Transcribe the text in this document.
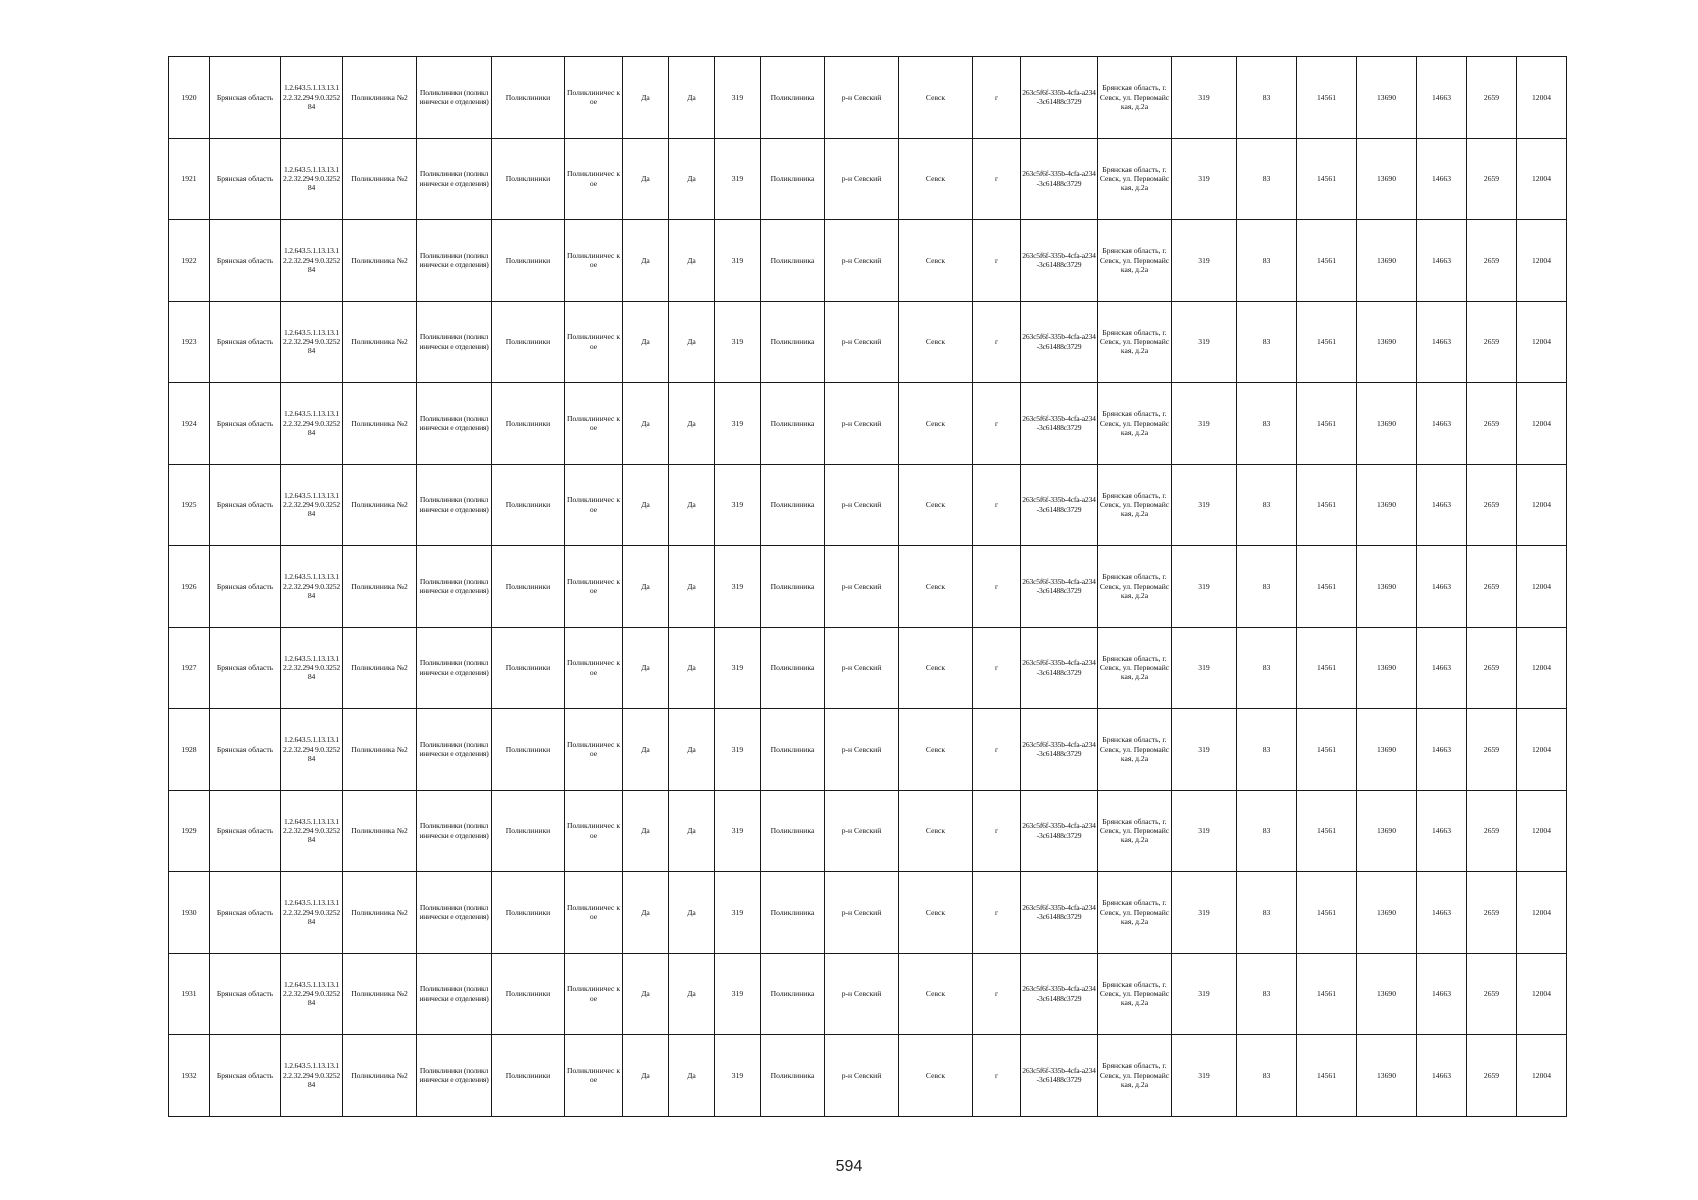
1920	Брянская область	1.2.643.5.1.13.13.12.2.32.294 9.0.325284	Поликлиника №2	Поликлиники (поликлинически е отделения)	Поликлиники	Поликлиничес кое	Да	Да	319	Поликлиника	р-н Севский	Севск	г	263c5f6f-335b-4cfa-a234-3c61488c3729	Брянская область, г. Севск, ул. Первомайская, д.2а	319	83	14561	13690	14663	2659	12004
1921	Брянская область	1.2.643.5.1.13.13.12.2.32.294 9.0.325284	Поликлиника №2	Поликлиники (поликлинически е отделения)	Поликлиники	Поликлиничес кое	Да	Да	319	Поликлиника	р-н Севский	Севск	г	263c5f6f-335b-4cfa-a234-3c61488c3729	Брянская область, г. Севск, ул. Первомайская, д.2а	319	83	14561	13690	14663	2659	12004
1922	Брянская область	1.2.643.5.1.13.13.12.2.32.294 9.0.325284	Поликлиника №2	Поликлиники (поликлинически е отделения)	Поликлиники	Поликлиничес кое	Да	Да	319	Поликлиника	р-н Севский	Севск	г	263c5f6f-335b-4cfa-a234-3c61488c3729	Брянская область, г. Севск, ул. Первомайская, д.2а	319	83	14561	13690	14663	2659	12004
1923	Брянская область	1.2.643.5.1.13.13.12.2.32.294 9.0.325284	Поликлиника №2	Поликлиники (поликлинически е отделения)	Поликлиники	Поликлиничес кое	Да	Да	319	Поликлиника	р-н Севский	Севск	г	263c5f6f-335b-4cfa-a234-3c61488c3729	Брянская область, г. Севск, ул. Первомайская, д.2а	319	83	14561	13690	14663	2659	12004
1924	Брянская область	1.2.643.5.1.13.13.12.2.32.294 9.0.325284	Поликлиника №2	Поликлиники (поликлинически е отделения)	Поликлиники	Поликлиничес кое	Да	Да	319	Поликлиника	р-н Севский	Севск	г	263c5f6f-335b-4cfa-a234-3c61488c3729	Брянская область, г. Севск, ул. Первомайская, д.2а	319	83	14561	13690	14663	2659	12004
1925	Брянская область	1.2.643.5.1.13.13.12.2.32.294 9.0.325284	Поликлиника №2	Поликлиники (поликлинически е отделения)	Поликлиники	Поликлиничес кое	Да	Да	319	Поликлиника	р-н Севский	Севск	г	263c5f6f-335b-4cfa-a234-3c61488c3729	Брянская область, г. Севск, ул. Первомайская, д.2а	319	83	14561	13690	14663	2659	12004
1926	Брянская область	1.2.643.5.1.13.13.12.2.32.294 9.0.325284	Поликлиника №2	Поликлиники (поликлинически е отделения)	Поликлиники	Поликлиничес кое	Да	Да	319	Поликлиника	р-н Севский	Севск	г	263c5f6f-335b-4cfa-a234-3c61488c3729	Брянская область, г. Севск, ул. Первомайская, д.2а	319	83	14561	13690	14663	2659	12004
1927	Брянская область	1.2.643.5.1.13.13.12.2.32.294 9.0.325284	Поликлиника №2	Поликлиники (поликлинически е отделения)	Поликлиники	Поликлиничес кое	Да	Да	319	Поликлиника	р-н Севский	Севск	г	263c5f6f-335b-4cfa-a234-3c61488c3729	Брянская область, г. Севск, ул. Первомайская, д.2а	319	83	14561	13690	14663	2659	12004
1928	Брянская область	1.2.643.5.1.13.13.12.2.32.294 9.0.325284	Поликлиника №2	Поликлиники (поликлинически е отделения)	Поликлиники	Поликлиничес кое	Да	Да	319	Поликлиника	р-н Севский	Севск	г	263c5f6f-335b-4cfa-a234-3c61488c3729	Брянская область, г. Севск, ул. Первомайская, д.2а	319	83	14561	13690	14663	2659	12004
1929	Брянская область	1.2.643.5.1.13.13.12.2.32.294 9.0.325284	Поликлиника №2	Поликлиники (поликлинически е отделения)	Поликлиники	Поликлиничес кое	Да	Да	319	Поликлиника	р-н Севский	Севск	г	263c5f6f-335b-4cfa-a234-3c61488c3729	Брянская область, г. Севск, ул. Первомайская, д.2а	319	83	14561	13690	14663	2659	12004
1930	Брянская область	1.2.643.5.1.13.13.12.2.32.294 9.0.325284	Поликлиника №2	Поликлиники (поликлинически е отделения)	Поликлиники	Поликлиничес кое	Да	Да	319	Поликлиника	р-н Севский	Севск	г	263c5f6f-335b-4cfa-a234-3c61488c3729	Брянская область, г. Севск, ул. Первомайская, д.2а	319	83	14561	13690	14663	2659	12004
1931	Брянская область	1.2.643.5.1.13.13.12.2.32.294 9.0.325284	Поликлиника №2	Поликлиники (поликлинически е отделения)	Поликлиники	Поликлиничес кое	Да	Да	319	Поликлиника	р-н Севский	Севск	г	263c5f6f-335b-4cfa-a234-3c61488c3729	Брянская область, г. Севск, ул. Первомайская, д.2а	319	83	14561	13690	14663	2659	12004
1932	Брянская область	1.2.643.5.1.13.13.12.2.32.294 9.0.325284	Поликлиника №2	Поликлиники (поликлинически е отделения)	Поликлиники	Поликлиничес кое	Да	Да	319	Поликлиника	р-н Севский	Севск	г	263c5f6f-335b-4cfa-a234-3c61488c3729	Брянская область, г. Севск, ул. Первомайская, д.2а	319	83	14561	13690	14663	2659	12004
594
